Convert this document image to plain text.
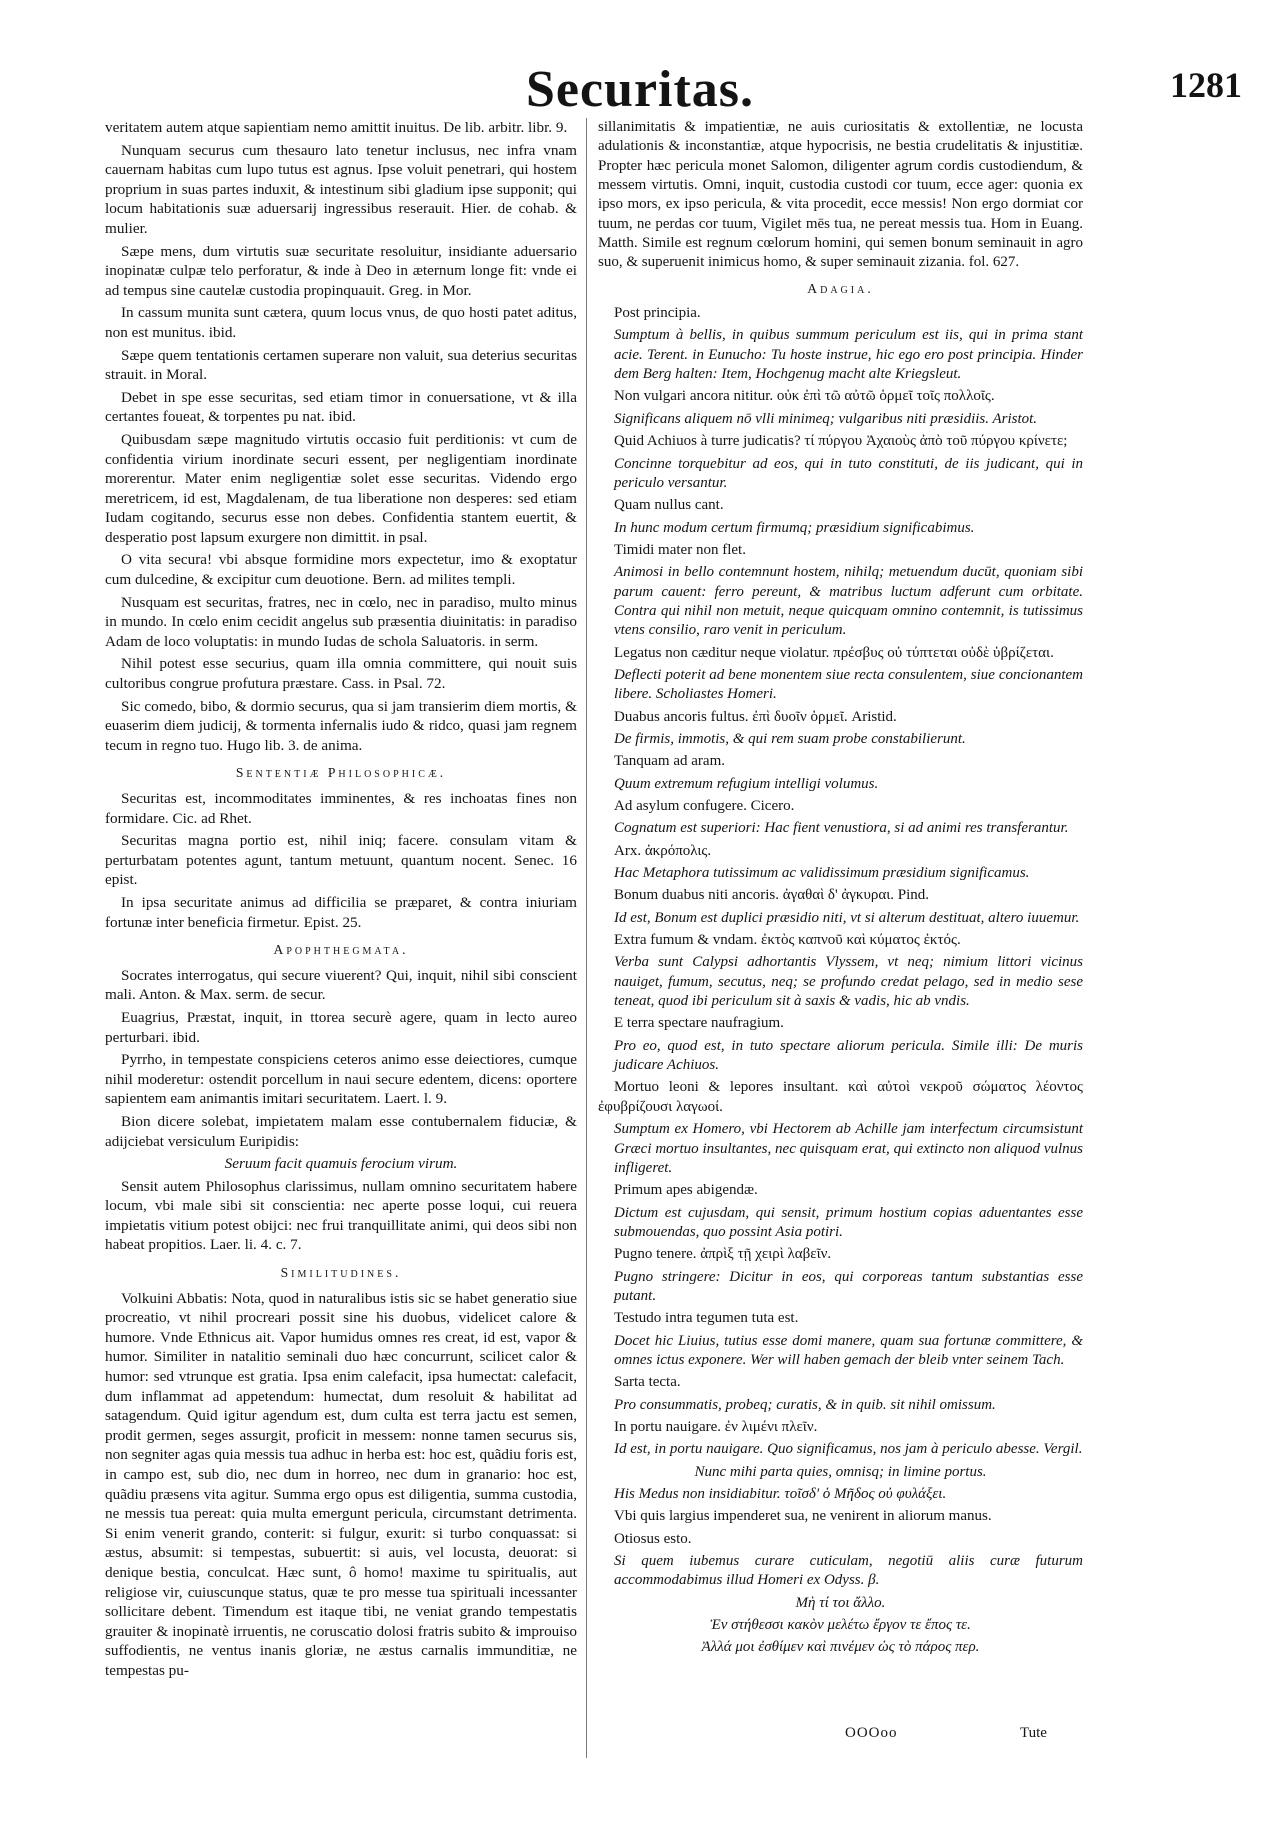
Securitas.	1281

veritatem autem atque sapientiam nemo amittit inuitus. De lib. arbitr. libr. 9.

Nunquam securus cum thesauro lato tenetur inclusus, nec infra vnam cauernam habitas cum lupo tutus est agnus. Ipse voluit penetrari, qui hostem proprium in suas partes induxit, & intestinum sibi gladium ipse supponit; qui locum habitationis suæ aduersarij ingressibus reserauit. Hier. de cohab. & mulier.

Sæpe mens, dum virtutis suæ securitate resoluitur, insidiante aduersario inopinatæ culpæ telo perforatur, & inde à Deo in æternum longe fit: vnde ei ad tempus sine cautelæ custodia propinquauit. Greg. in Mor.

In cassum munita sunt cætera, quum locus vnus, de quo hosti patet aditus, non est munitus. ibid.

Sæpe quem tentationis certamen superare non valuit, sua deterius securitas strauit. in Moral.

Debet in spe esse securitas, sed etiam timor in conuersatione, vt & illa certantes foueat, & torpentes pu nat. ibid.

Quibusdam sæpe magnitudo virtutis occasio fuit perditionis: vt cum de confidentia virium inordinate securi essent, per negligentiam inordinate morerentur. Mater enim negligentiæ solet esse securitas. Videndo ergo meretricem, id est, Magdalenam, de tua liberatione non desperes: sed etiam Iudam cogitando, securus esse non debes. Confidentia stantem euertit, & desperatio post lapsum exurgere non dimittit. in psal.

O vita secura! vbi absque formidine mors expectetur, imo & exoptatur cum dulcedine, & excipitur cum deuotione. Bern. ad milites templi.

Nusquam est securitas, fratres, nec in cœlo, nec in paradiso, multo minus in mundo. In cœlo enim cecidit angelus sub præsentia diuinitatis: in paradiso Adam de loco voluptatis: in mundo Iudas de schola Saluatoris. in serm.

Nihil potest esse securius, quam illa omnia committere, qui nouit suis cultoribus congrue profutura præstare. Cass. in Psal. 72.

Sic comedo, bibo, & dormio securus, qua si jam transierim diem mortis, & euaserim diem judicij, & tormenta infernalis iudo & ridco, quasi jam regnem tecum in regno tuo. Hugo lib. 3. de anima.

Sententiæ Philosophicæ.

Securitas est, incommoditates imminentes, & res inchoatas fines non formidare. Cic. ad Rhet.

Securitas magna portio est, nihil iniq; facere. consulam vitam & perturbatam potentes agunt, tantum metuunt, quantum nocent. Senec. 16 epist.

In ipsa securitate animus ad difficilia se præparet, & contra iniuriam fortunæ inter beneficia firmetur. Epist. 25.

Apophthegmata.

Socrates interrogatus, qui secure viuerent? Qui, inquit, nihil sibi conscient mali. Anton. & Max. serm. de secur.

Euagrius, Præstat, inquit, in ttorea securè agere, quam in lecto aureo perturbari. ibid.

Pyrrho, in tempestate conspiciens ceteros animo esse deiectiores, cumque nihil moderetur: ostendit porcellum in naui secure edentem, dicens: oportere sapientem eam animantis imitari securitatem. Laert. l. 9.

Bion dicere solebat, impietatem malam esse contubernalem fiduciæ, & adijciebat versiculum Euripidis:

Seruum facit quamuis ferocium virum.

Sensit autem Philosophus clarissimus, nullam omnino securitatem habere locum, vbi male sibi sit conscientia: nec aperte posse loqui, cui reuera impietatis vitium potest obijci: nec frui tranquillitate animi, qui deos sibi non habeat propitios. Laer. li. 4. c. 7.

Similitudines.

Volkuini Abbatis: Nota, quod in naturalibus istis sic se habet generatio siue procreatio, vt nihil procreari possit sine his duobus, videlicet calore & humore. Vnde Ethnicus ait. Vapor humidus omnes res creat, id est, vapor & humor. Similiter in natalitio seminali duo hæc concurrunt, scilicet calor & humor: sed vtrunque est gratia. Ipsa enim calefacit, ipsa humectat: calefacit, dum inflammat ad appetendum: humectat, dum resoluit & habilitat ad satagendum. Quid igitur agendum est, dum culta est terra jactu est semen, prodit germen, seges assurgit, proficit in messem: nonne tamen securus sis, non segniter agas quia messis tua adhuc in herba est: hoc est, quãdiu foris est, in campo est, sub dio, nec dum in horreo, nec dum in granario: hoc est, quãdiu præsens vita agitur. Summa ergo opus est diligentia, summa custodia, ne messis tua pereat: quia multa emergunt pericula, circumstant detrimenta. Si enim venerit grando, conterit: si fulgur, exurit: si turbo conquassat: si æstus, absumit: si tempestas, subuertit: si auis, vel locusta, deuorat: si denique bestia, conculcat. Hæc sunt, ô homo! maxime tu spiritualis, aut religiose vir, cuiuscunque status, quæ te pro messe tua spirituali incessanter sollicitare debent. Timendum est itaque tibi, ne veniat grando tempestatis grauiter & inopinatè irruentis, ne coruscatio dolosi fratris subito & improuiso suffodientis, ne ventus inanis gloriæ, ne æstus carnalis immunditiæ, ne tempestas pu-

sillanimitatis & impatientiæ, ne auis curiositatis & extollentiæ, ne locusta adulationis & inconstantiæ, atque hypocrisis, ne bestia crudelitatis & injustitiæ. Propter hæc pericula monet Salomon, diligenter agrum cordis custodiendum, & messem virtutis. Omni, inquit, custodia custodi cor tuum, ecce ager: quonia ex ipso mors, ex ipso pericula, & vita procedit, ecce messis! Non ergo dormiat cor tuum, ne perdas cor tuum, Vigilet mēs tua, ne pereat messis tua. Hom in Euang. Matth. Simile est regnum cœlorum homini, qui semen bonum seminauit in agro suo, & superuenit inimicus homo, & super seminauit zizania. fol. 627.

Adagia.

Post principia.

Sumptum à bellis, in quibus summum periculum est iis, qui in prima stant acie. Terent. in Eunucho: Tu hoste instrue, hic ego ero post principia. Hinder dem Berg halten: Item, Hochgenug macht alte Kriegsleut.

Non vulgari ancora nititur. οὐκ ἐπὶ τῶ αὐτῶ ὁρμεῖ τοῖς πολλοῖς.

Significans aliquem nō vlli minimeq; vulgaribus niti præsidiis. Aristot.

Quid Achiuos à turre judicatis? τί πύργου Ἀχαιοὺς ἀπὸ τοῦ πύργου κρίνετε;

Concinne torquebitur ad eos, qui in tuto constituti, de iis judicant, qui in periculo versantur.

Quam nullus cant.

In hunc modum certum firmumq; præsidium significabimus.

Timidi mater non flet.

Animosi in bello contemnunt hostem, nihilq; metuendum ducūt, quoniam sibi parum cauent: ferro pereunt, & matribus luctum adferunt cum orbitate. Contra qui nihil non metuit, neque quicquam omnino contemnit, is tutissimus vtens consilio, raro venit in periculum.

Legatus non cæditur neque violatur. πρέσβυς οὐ τύπτεται οὐδὲ ὑβρίζεται.

Deflecti poterit ad bene monentem siue recta consulentem, siue concionantem libere. Scholiastes Homeri.

Duabus ancoris fultus. ἐπὶ δυοῖν ὁρμεῖ. Aristid.

De firmis, immotis, & qui rem suam probe constabilierunt.

Tanquam ad aram.

Quum extremum refugium intelligi volumus.

Ad asylum confugere. Cicero.

Cognatum est superiori: Hac fient venustiora, si ad animi res transferantur.

Arx. ἀκρόπολις.

Hac Metaphora tutissimum ac validissimum præsidium significamus.

Bonum duabus niti ancoris. ἀγαθαὶ δ' ἀγκυραι. Pind.

Id est, Bonum est duplici præsidio niti, vt si alterum destituat, altero iuuemur.

Extra fumum & vndam. ἐκτὸς καπνοῦ καὶ κύματος ἐκτός.

Verba sunt Calypsi adhortantis Vlyssem, vt neq; nimium littori vicinus nauiget, fumum, secutus, neq; se profundo credat pelago, sed in medio sese teneat, quod ibi periculum sit à saxis & vadis, hic ab vndis.

E terra spectare naufragium.

Pro eo, quod est, in tuto spectare aliorum pericula. Simile illi: De muris judicare Achiuos.

Mortuo leoni & lepores insultant. καὶ αὐτοὶ νεκροῦ σώματος λέοντος ἐφυβρίζουσι λαγωοί.

Sumptum ex Homero, vbi Hectorem ab Achille jam interfectum circumsistunt Græci mortuo insultantes, nec quisquam erat, qui extincto non aliquod vulnus infligeret.

Primum apes abigendæ.

Dictum est cujusdam, qui sensit, primum hostium copias aduentantes esse submouendas, quo possint Asia potiri.

Pugno tenere. ἀπρὶξ τῇ χειρὶ λαβεῖν.

Pugno stringere: Dicitur in eos, qui corporeas tantum substantias esse putant.

Testudo intra tegumen tuta est.

Docet hic Liuius, tutius esse domi manere, quam sua fortunæ committere, & omnes ictus exponere. Wer will haben gemach der bleib vnter seinem Tach.

Sarta tecta.

Pro consummatis, probeq; curatis, & in quib. sit nihil omissum.

In portu nauigare. ἐν λιμένι πλεῖν.

Id est, in portu nauigare. Quo significamus, nos jam à periculo abesse. Vergil.

Nunc mihi parta quies, omnisq; in limine portus.

His Medus non insidiabitur. τοῖσδ' ὁ Μῆδος οὐ φυλάξει.

Vbi quis largius impenderet sua, ne venirent in aliorum manus.

Otiosus esto.

Si quem iubemus curare cuticulam, negotiū aliis curæ futurum accommodabimus illud Homeri ex Odyss. β.

Μὴ τί τοι ἄλλο.

Ἐν στήθεσσι κακὸν μελέτω ἔργον τε ἔπος τε.

Ἀλλά μοι ἐσθίμεν καὶ πινέμεν ὡς τὸ πάρος περ.

OOOoo	Tute
